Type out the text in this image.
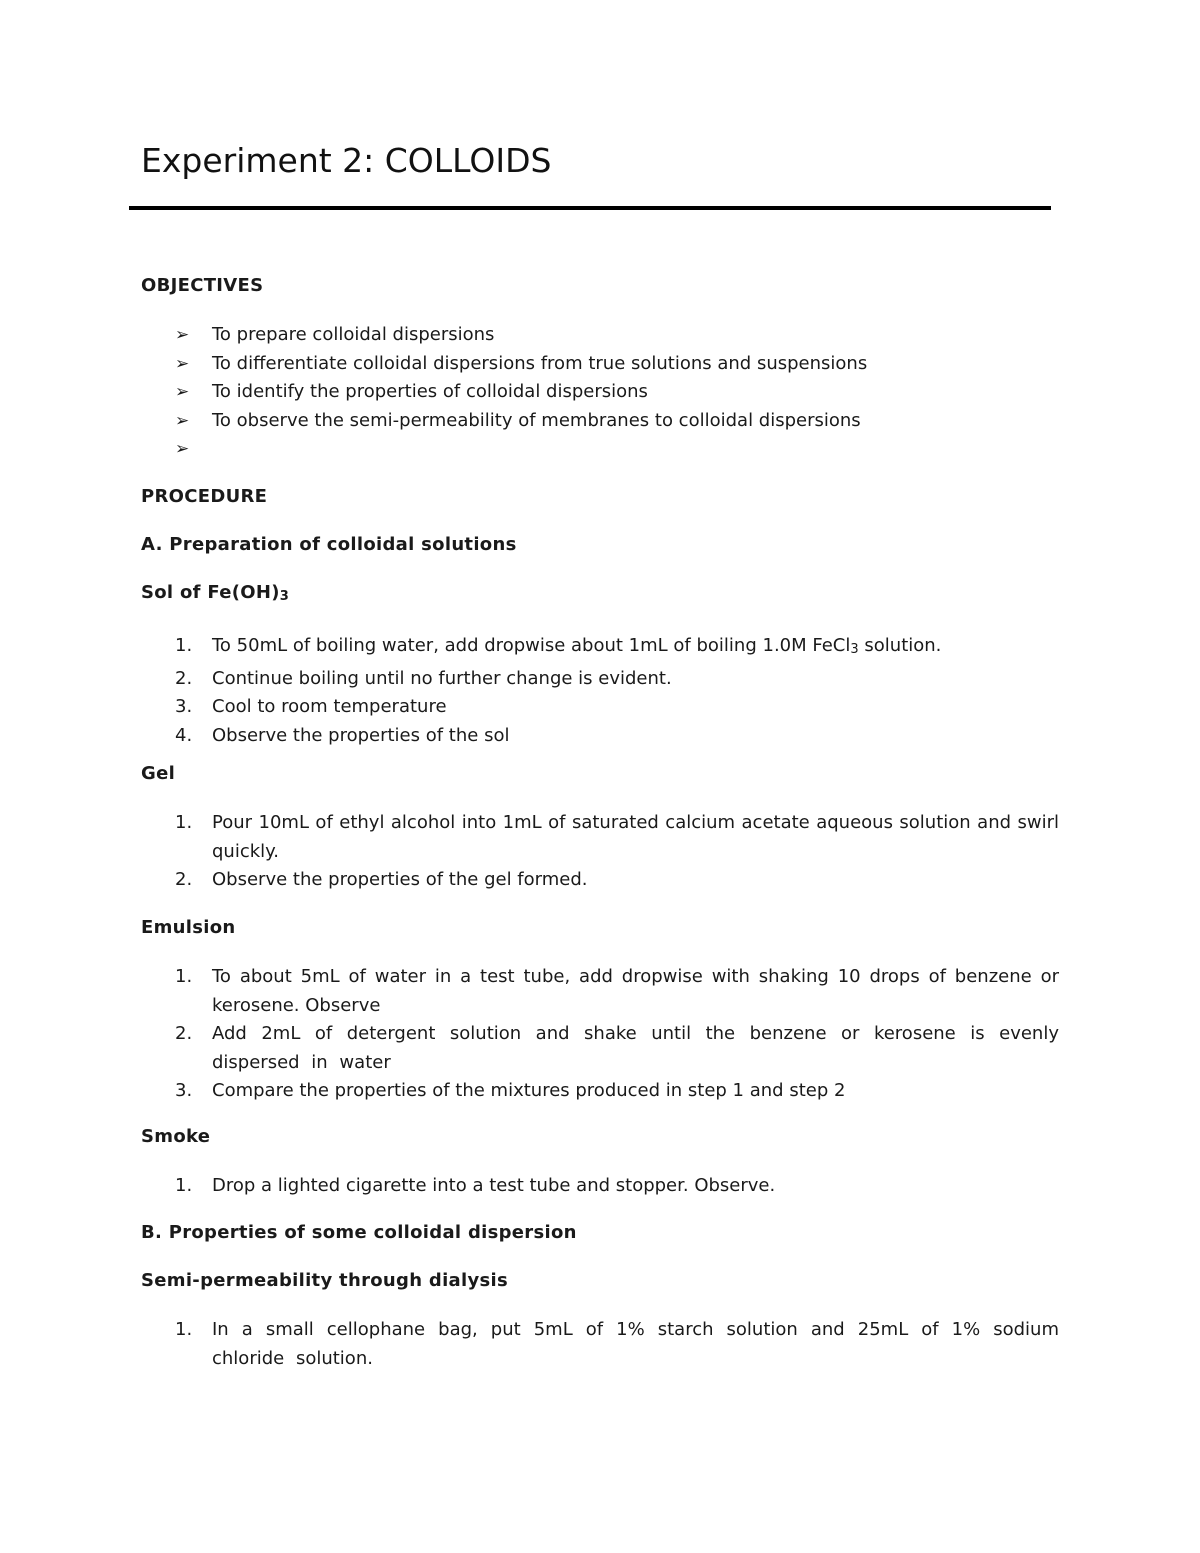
Experiment 2: COLLOIDS

OBJECTIVES

➢ To prepare colloidal dispersions
➢ To differentiate colloidal dispersions from true solutions and suspensions
➢ To identify the properties of colloidal dispersions
➢ To observe the semi-permeability of membranes to colloidal dispersions
➢

PROCEDURE

A. Preparation of colloidal solutions

Sol of $Fe(OH)_3$

1. To 50mL of boiling water, add dropwise about 1mL of boiling 1.0M FeCl$_3$ solution.
2. Continue boiling until no further change is evident.
3. Cool to room temperature
4. Observe the properties of the sol

Gel

1. Pour 10mL of ethyl alcohol into 1mL of saturated calcium acetate aqueous solution and swirl quickly.
2. Observe the properties of the gel formed.

Emulsion

1. To about 5mL of water in a test tube, add dropwise with shaking 10 drops of benzene or kerosene. Observe
2. Add 2mL of detergent solution and shake until the benzene or kerosene is evenly dispersed in water
3. Compare the properties of the mixtures produced in step 1 and step 2

Smoke

1. Drop a lighted cigarette into a test tube and stopper. Observe.

B. Properties of some colloidal dispersion

Semi-permeability through dialysis

1. In a small cellophane bag, put 5mL of 1% starch solution and 25mL of 1% sodium chloride solution.
